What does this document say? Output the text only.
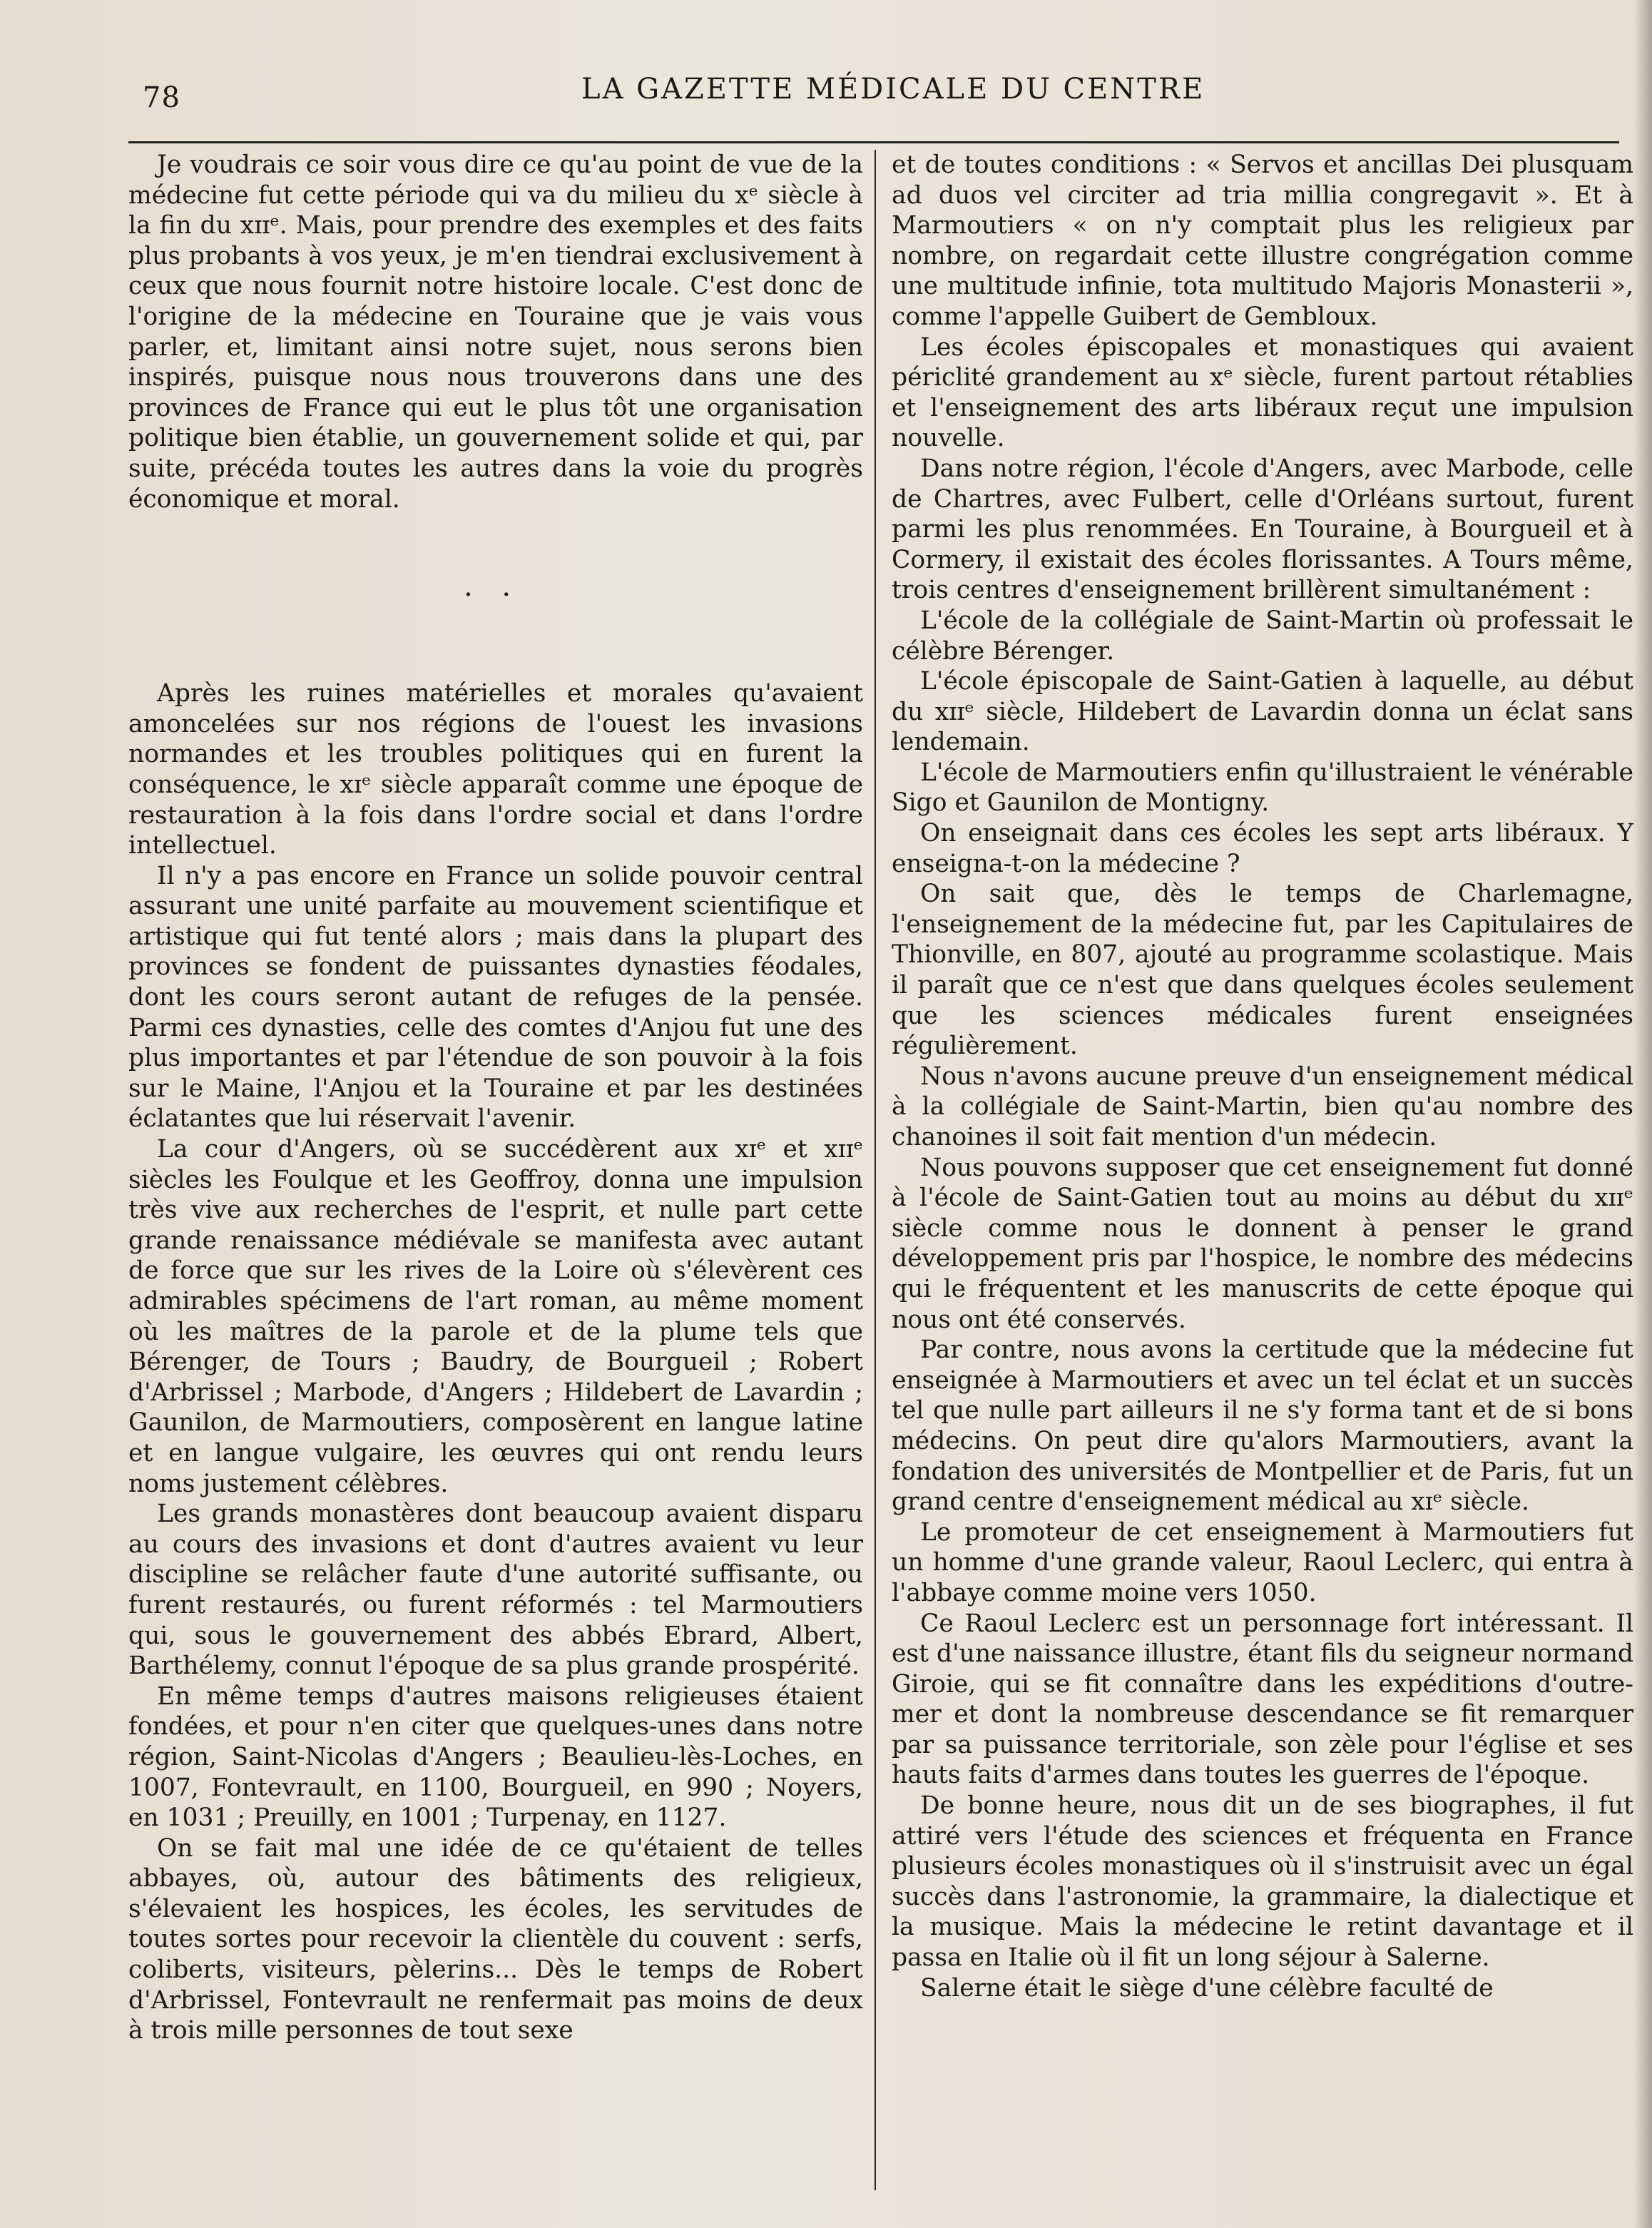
78	LA GAZETTE MÉDICALE DU CENTRE

Je voudrais ce soir vous dire ce qu'au point de vue de la médecine fut cette période qui va du milieu du xᵉ siècle à la fin du xɪɪᵉ. Mais, pour prendre des exemples et des faits plus probants à vos yeux, je m'en tiendrai exclusivement à ceux que nous fournit notre histoire locale. C'est donc de l'origine de la médecine en Touraine que je vais vous parler, et, limitant ainsi notre sujet, nous serons bien inspirés, puisque nous nous trouverons dans une des provinces de France qui eut le plus tôt une organisation politique bien établie, un gouvernement solide et qui, par suite, précéda toutes les autres dans la voie du progrès économique et moral.

. .

Après les ruines matérielles et morales qu'avaient amoncelées sur nos régions de l'ouest les invasions normandes et les troubles politiques qui en furent la conséquence, le xɪᵉ siècle apparaît comme une époque de restauration à la fois dans l'ordre social et dans l'ordre intellectuel.

Il n'y a pas encore en France un solide pouvoir central assurant une unité parfaite au mouvement scientifique et artistique qui fut tenté alors ; mais dans la plupart des provinces se fondent de puissantes dynasties féodales, dont les cours seront autant de refuges de la pensée. Parmi ces dynasties, celle des comtes d'Anjou fut une des plus importantes et par l'étendue de son pouvoir à la fois sur le Maine, l'Anjou et la Touraine et par les destinées éclatantes que lui réservait l'avenir.

La cour d'Angers, où se succédèrent aux xɪᵉ et xɪɪᵉ siècles les Foulque et les Geoffroy, donna une impulsion très vive aux recherches de l'esprit, et nulle part cette grande renaissance médiévale se manifesta avec autant de force que sur les rives de la Loire où s'élevèrent ces admirables spécimens de l'art roman, au même moment où les maîtres de la parole et de la plume tels que Bérenger, de Tours ; Baudry, de Bourgueil ; Robert d'Arbrissel ; Marbode, d'Angers ; Hildebert de Lavardin ; Gaunilon, de Marmoutiers, composèrent en langue latine et en langue vulgaire, les œuvres qui ont rendu leurs noms justement célèbres.

Les grands monastères dont beaucoup avaient disparu au cours des invasions et dont d'autres avaient vu leur discipline se relâcher faute d'une autorité suffisante, ou furent restaurés, ou furent réformés : tel Marmoutiers qui, sous le gouvernement des abbés Ebrard, Albert, Barthélemy, connut l'époque de sa plus grande prospérité.

En même temps d'autres maisons religieuses étaient fondées, et pour n'en citer que quelques-unes dans notre région, Saint-Nicolas d'Angers ; Beaulieu-lès-Loches, en 1007, Fontevrault, en 1100, Bourgueil, en 990 ; Noyers, en 1031 ; Preuilly, en 1001 ; Turpenay, en 1127.

On se fait mal une idée de ce qu'étaient de telles abbayes, où, autour des bâtiments des religieux, s'élevaient les hospices, les écoles, les servitudes de toutes sortes pour recevoir la clientèle du couvent : serfs, coliberts, visiteurs, pèlerins... Dès le temps de Robert d'Arbrissel, Fontevrault ne renfermait pas moins de deux à trois mille personnes de tout sexe

et de toutes conditions : « Servos et ancillas Dei plusquam ad duos vel circiter ad tria millia congregavit ». Et à Marmoutiers « on n'y comptait plus les religieux par nombre, on regardait cette illustre congrégation comme une multitude infinie, tota multitudo Majoris Monasterii », comme l'appelle Guibert de Gembloux.

Les écoles épiscopales et monastiques qui avaient périclité grandement au xᵉ siècle, furent partout rétablies et l'enseignement des arts libéraux reçut une impulsion nouvelle.

Dans notre région, l'école d'Angers, avec Marbode, celle de Chartres, avec Fulbert, celle d'Orléans surtout, furent parmi les plus renommées. En Touraine, à Bourgueil et à Cormery, il existait des écoles florissantes. A Tours même, trois centres d'enseignement brillèrent simultanément :

L'école de la collégiale de Saint-Martin où professait le célèbre Bérenger.

L'école épiscopale de Saint-Gatien à laquelle, au début du xɪɪᵉ siècle, Hildebert de Lavardin donna un éclat sans lendemain.

L'école de Marmoutiers enfin qu'illustraient le vénérable Sigo et Gaunilon de Montigny.

On enseignait dans ces écoles les sept arts libéraux. Y enseigna-t-on la médecine ?

On sait que, dès le temps de Charlemagne, l'enseignement de la médecine fut, par les Capitulaires de Thionville, en 807, ajouté au programme scolastique. Mais il paraît que ce n'est que dans quelques écoles seulement que les sciences médicales furent enseignées régulièrement.

Nous n'avons aucune preuve d'un enseignement médical à la collégiale de Saint-Martin, bien qu'au nombre des chanoines il soit fait mention d'un médecin.

Nous pouvons supposer que cet enseignement fut donné à l'école de Saint-Gatien tout au moins au début du xɪɪᵉ siècle comme nous le donnent à penser le grand développement pris par l'hospice, le nombre des médecins qui le fréquentent et les manuscrits de cette époque qui nous ont été conservés.

Par contre, nous avons la certitude que la médecine fut enseignée à Marmoutiers et avec un tel éclat et un succès tel que nulle part ailleurs il ne s'y forma tant et de si bons médecins. On peut dire qu'alors Marmoutiers, avant la fondation des universités de Montpellier et de Paris, fut un grand centre d'enseignement médical au xɪᵉ siècle.

Le promoteur de cet enseignement à Marmoutiers fut un homme d'une grande valeur, Raoul Leclerc, qui entra à l'abbaye comme moine vers 1050.

Ce Raoul Leclerc est un personnage fort intéressant. Il est d'une naissance illustre, étant fils du seigneur normand Giroie, qui se fit connaître dans les expéditions d'outre-mer et dont la nombreuse descendance se fit remarquer par sa puissance territoriale, son zèle pour l'église et ses hauts faits d'armes dans toutes les guerres de l'époque.

De bonne heure, nous dit un de ses biographes, il fut attiré vers l'étude des sciences et fréquenta en France plusieurs écoles monastiques où il s'instruisit avec un égal succès dans l'astronomie, la grammaire, la dialectique et la musique. Mais la médecine le retint davantage et il passa en Italie où il fit un long séjour à Salerne.

Salerne était le siège d'une célèbre faculté de
